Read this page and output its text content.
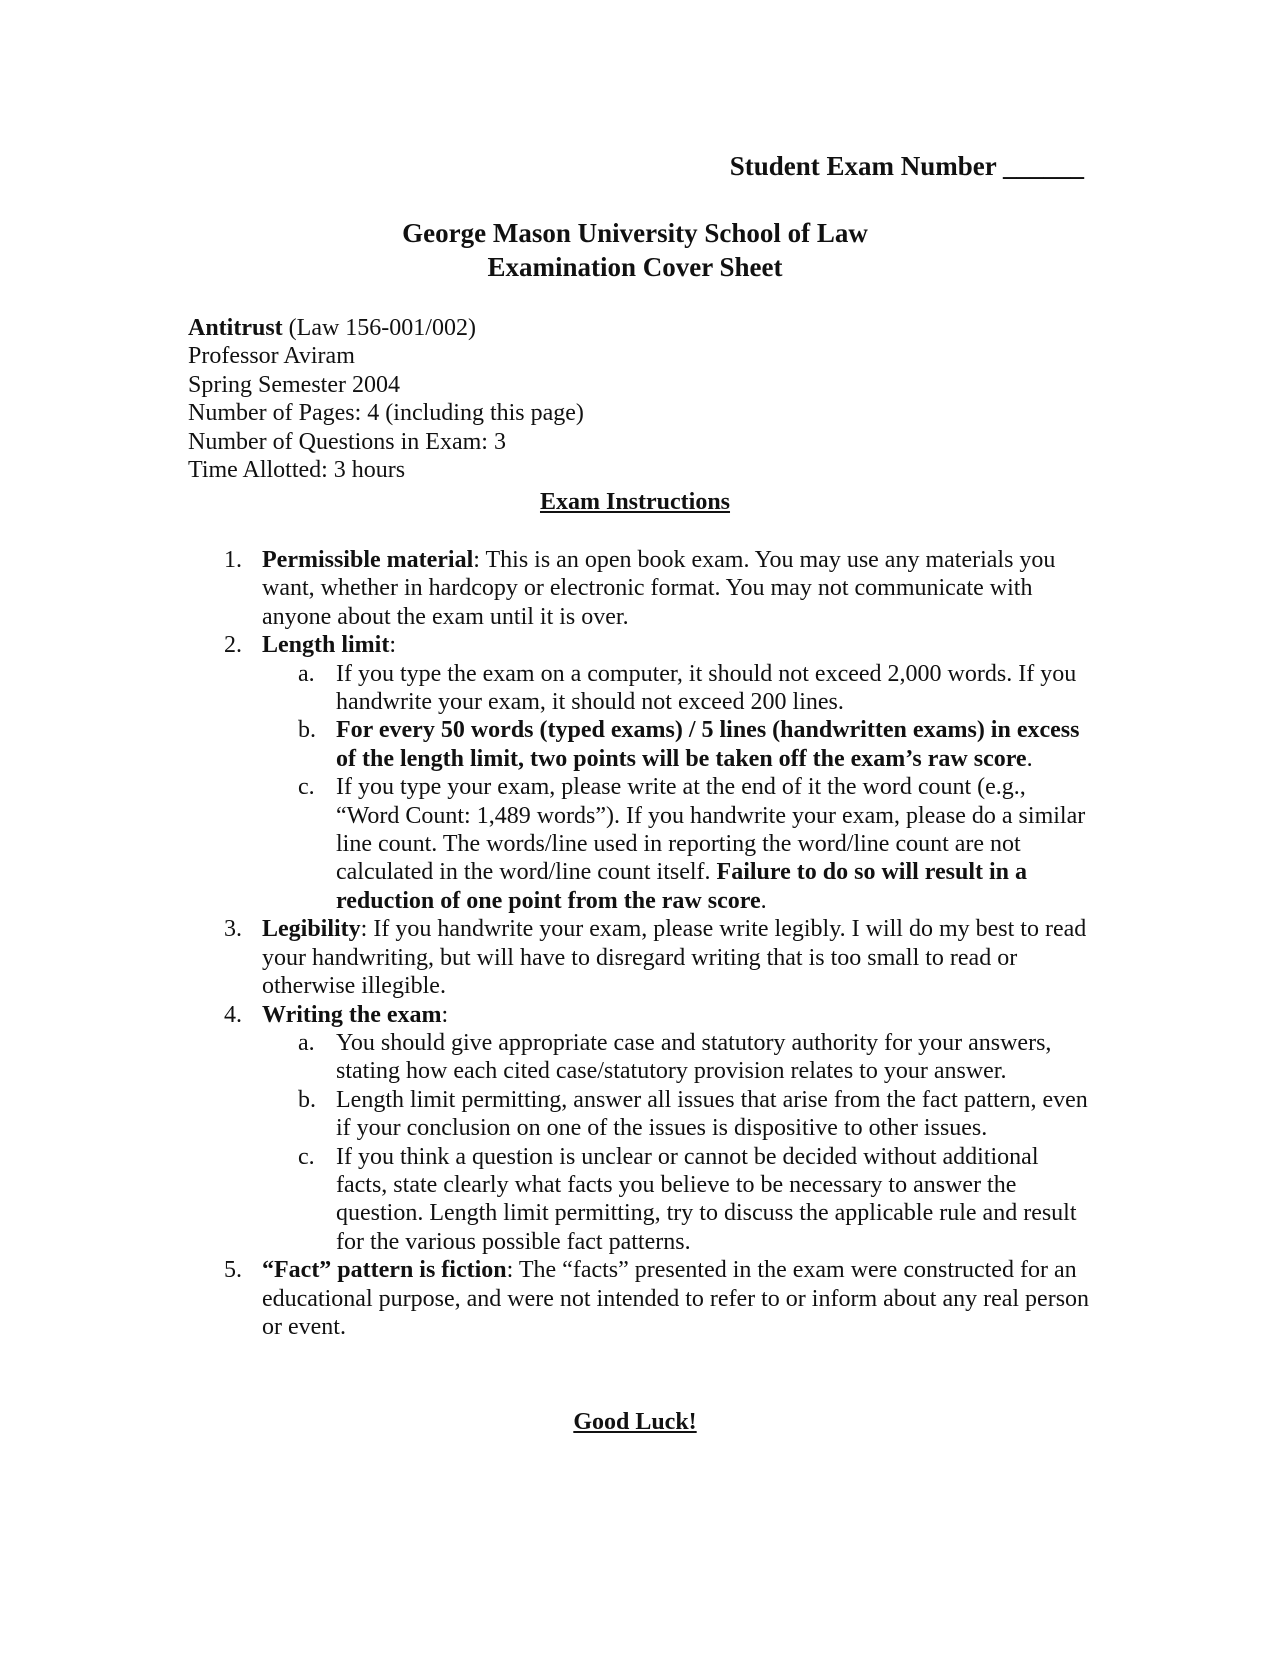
Student Exam Number ______
George Mason University School of Law
Examination Cover Sheet
Antitrust (Law 156-001/002)
Professor Aviram
Spring Semester 2004
Number of Pages: 4 (including this page)
Number of Questions in Exam: 3
Time Allotted: 3 hours
Exam Instructions
1. Permissible material: This is an open book exam. You may use any materials you want, whether in hardcopy or electronic format. You may not communicate with anyone about the exam until it is over.
2. Length limit:
a. If you type the exam on a computer, it should not exceed 2,000 words. If you handwrite your exam, it should not exceed 200 lines.
b. For every 50 words (typed exams) / 5 lines (handwritten exams) in excess of the length limit, two points will be taken off the exam’s raw score.
c. If you type your exam, please write at the end of it the word count (e.g., “Word Count: 1,489 words”). If you handwrite your exam, please do a similar line count. The words/line used in reporting the word/line count are not calculated in the word/line count itself. Failure to do so will result in a reduction of one point from the raw score.
3. Legibility: If you handwrite your exam, please write legibly. I will do my best to read your handwriting, but will have to disregard writing that is too small to read or otherwise illegible.
4. Writing the exam:
a. You should give appropriate case and statutory authority for your answers, stating how each cited case/statutory provision relates to your answer.
b. Length limit permitting, answer all issues that arise from the fact pattern, even if your conclusion on one of the issues is dispositive to other issues.
c. If you think a question is unclear or cannot be decided without additional facts, state clearly what facts you believe to be necessary to answer the question. Length limit permitting, try to discuss the applicable rule and result for the various possible fact patterns.
5. “Fact” pattern is fiction: The “facts” presented in the exam were constructed for an educational purpose, and were not intended to refer to or inform about any real person or event.
Good Luck!
